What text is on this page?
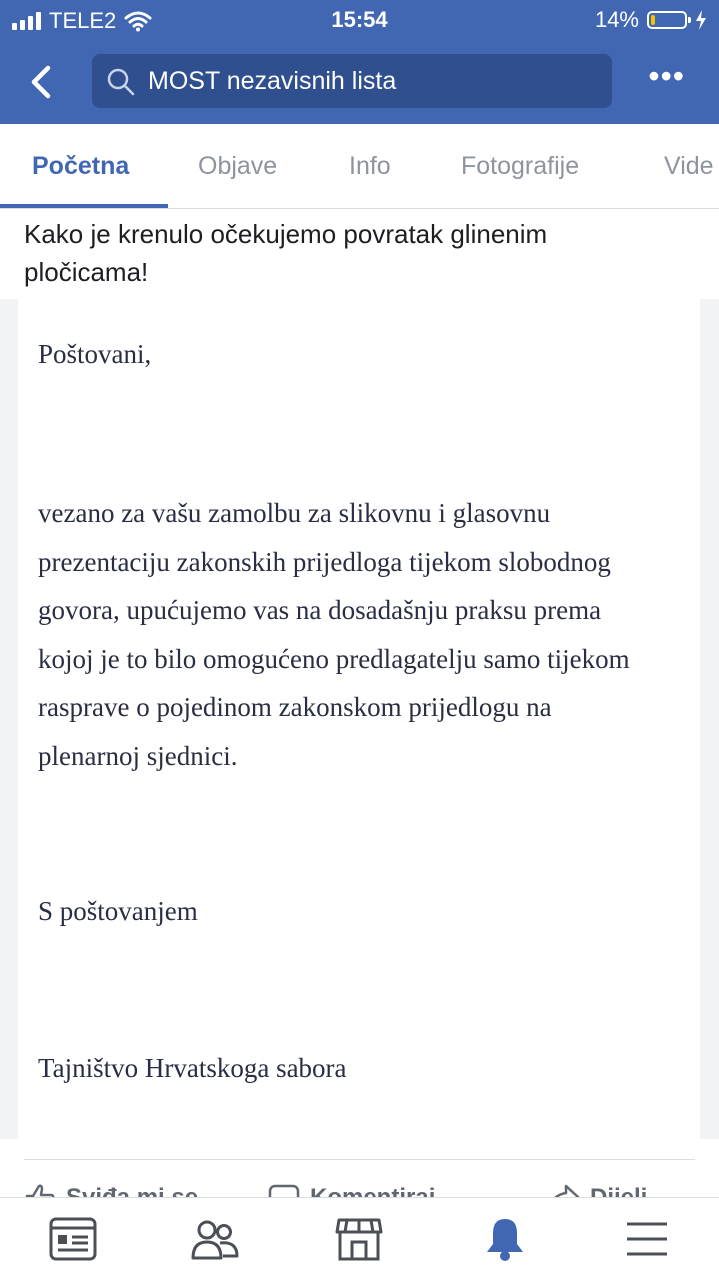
TELE2	15:54	14%
MOST nezavisnih lista	•••
Početna	Objave	Info	Fotografije	Vide

Kako je krenulo očekujemo povratak glinenim pločicama!

Poštovani,
vezano za vašu zamolbu za slikovnu i glasovnu
prezentaciju zakonskih prijedloga tijekom slobodnog
govora, upućujemo vas na dosadašnju praksu prema
kojoj je to bilo omogućeno predlagatelju samo tijekom
rasprave o pojedinom zakonskom prijedlogu na
plenarnoj sjednici.
S poštovanjem
Tajništvo Hrvatskoga sabora
